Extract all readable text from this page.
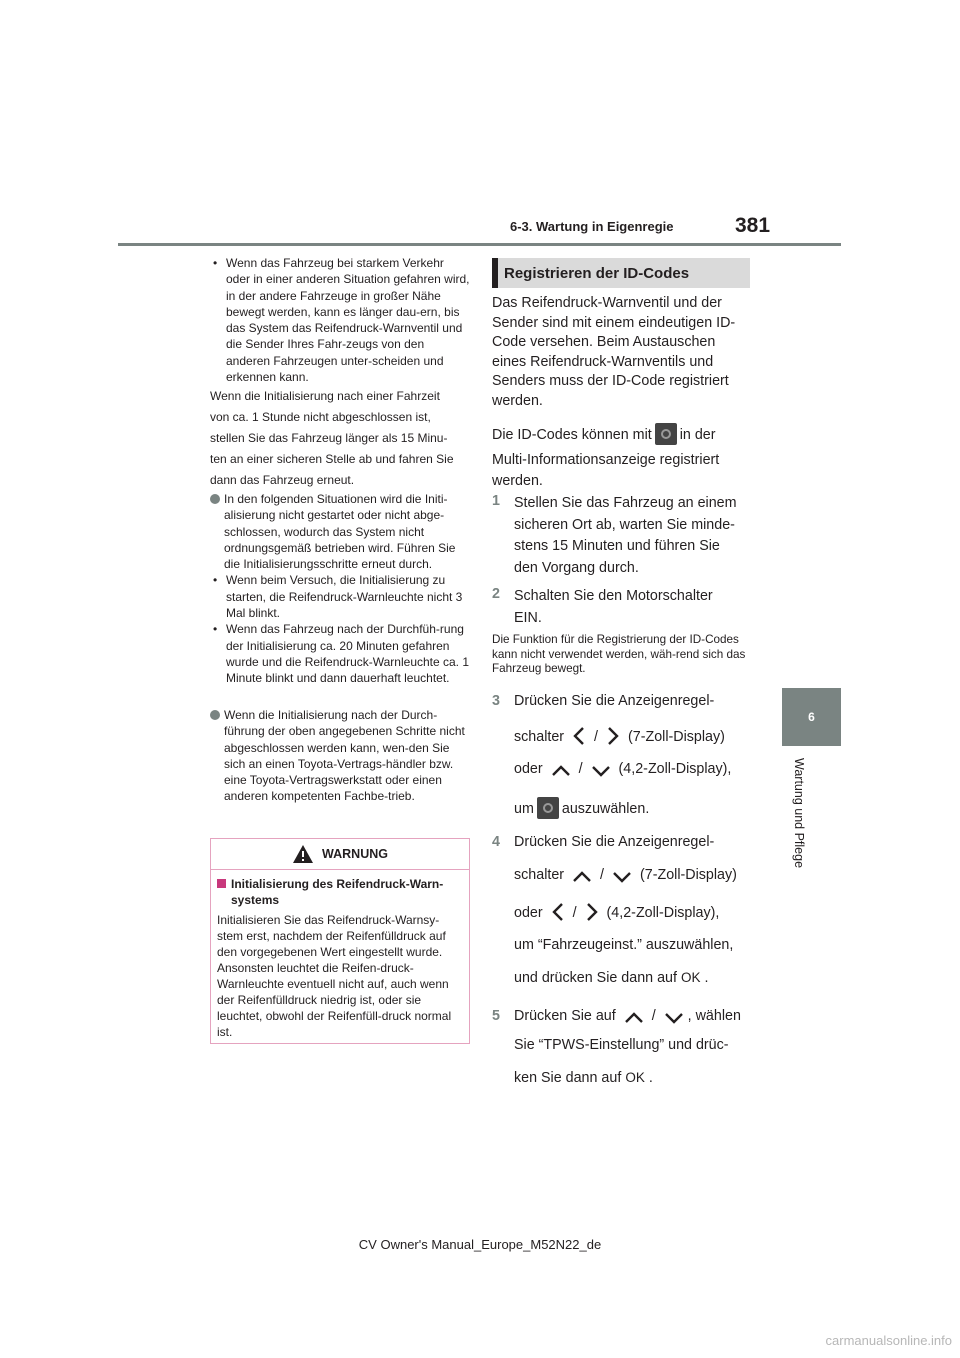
6-3. Wartung in Eigenregie	381
6
Wartung und Pflege
• Wenn das Fahrzeug bei starkem Verkehr oder in einer anderen Situation gefahren wird, in der andere Fahrzeuge in großer Nähe bewegt werden, kann es länger dau-ern, bis das System das Reifendruck-Warnventil und die Sender Ihres Fahr-zeugs von den anderen Fahrzeugen unter-scheiden und erkennen kann.
Wenn die Initialisierung nach einer Fahrzeit
von ca. 1 Stunde nicht abgeschlossen ist,
stellen Sie das Fahrzeug länger als 15 Minu-
ten an einer sicheren Stelle ab und fahren Sie
dann das Fahrzeug erneut.
In den folgenden Situationen wird die Initi-alisierung nicht gestartet oder nicht abge-schlossen, wodurch das System nicht ordnungsgemäß betrieben wird. Führen Sie die Initialisierungsschritte erneut durch.
• Wenn beim Versuch, die Initialisierung zu starten, die Reifendruck-Warnleuchte nicht 3 Mal blinkt.
• Wenn das Fahrzeug nach der Durchfüh-rung der Initialisierung ca. 20 Minuten gefahren wurde und die Reifendruck-Warnleuchte ca. 1 Minute blinkt und dann dauerhaft leuchtet.
Wenn die Initialisierung nach der Durch-führung der oben angegebenen Schritte nicht abgeschlossen werden kann, wen-den Sie sich an einen Toyota-Vertrags-händler bzw. eine Toyota-Vertragswerkstatt oder einen anderen kompetenten Fachbe-trieb.
WARNUNG
Initialisierung des Reifendruck-Warn-systems
Initialisieren Sie das Reifendruck-Warnsy-stem erst, nachdem der Reifenfülldruck auf den vorgegebenen Wert eingestellt wurde. Ansonsten leuchtet die Reifen-druck-Warnleuchte eventuell nicht auf, auch wenn der Reifenfülldruck niedrig ist, oder sie leuchtet, obwohl der Reifenfüll-druck normal ist.
Registrieren der ID-Codes
Das Reifendruck-Warnventil und der
Sender sind mit einem eindeutigen ID-
Code versehen. Beim Austauschen
eines Reifendruck-Warnventils und
Senders muss der ID-Code registriert
werden.
Die ID-Codes können mit in der
Multi-Informationsanzeige registriert
werden.
1 Stellen Sie das Fahrzeug an einem
sicheren Ort ab, warten Sie minde-
stens 15 Minuten und führen Sie
den Vorgang durch.
2 Schalten Sie den Motorschalter
EIN.
Die Funktion für die Registrierung der ID-Codes kann nicht verwendet werden, wäh-rend sich das Fahrzeug bewegt.
3 Drücken Sie die Anzeigenregel-
schalter / (7-Zoll-Display)
oder	/	(4,2-Zoll-Display),
um auszuwählen.
4 Drücken Sie die Anzeigenregel-
schalter	/	(7-Zoll-Display)
oder / (4,2-Zoll-Display),
um “Fahrzeugeinst.” auszuwählen,
und drücken Sie dann auf OK .
5 Drücken Sie auf	/ , wählen
Sie “TPWS-Einstellung” und drüc-
ken Sie dann auf OK .
CV Owner's Manual_Europe_M52N22_de
carmanualsonline.info
